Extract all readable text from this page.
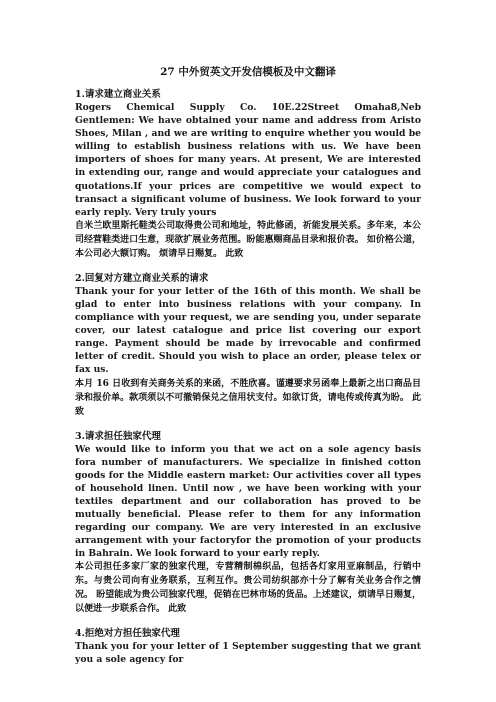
27 中外贸英文开发信模板及中文翻译

1.请求建立商业关系

Rogers Chemical Supply Co. 10E.22Street Omaha8,Neb Gentlemen: We have obtained your name and address from Aristo Shoes, Milan , and we are writing to enquire whether you would be willing to establish business relations with us. We have been importers of shoes for many years. At present, We are interested in extending our, range and would appreciate your catalogues and quotations.If your prices are competitive we would expect to transact a significant volume of business. We look forward to your early reply. Very truly yours

自米兰欧里斯托鞋类公司取得贵公司和地址，特此修函，祈能发展关系。多年来，本公司经营鞋类进口生意，现欲扩展业务范围。盼能惠赐商品目录和报价表。 如价格公道，本公司必大额订购。 烦请早日赐复。 此致

2.回复对方建立商业关系的请求

Thank your for your letter of the 16th of this month. We shall be glad to enter into business relations with your company. In compliance with your request, we are sending you, under separate cover, our latest catalogue and price list covering our export range. Payment should be made by irrevocable and confirmed letter of credit. Should you wish to place an order, please telex or fax us.

本月 16 日收到有关商务关系的来函，不胜欣喜。谨遵要求另函奉上最新之出口商品目录和报价单。款项须以不可撤销保兑之信用状支付。如欲订货，请电传或传真为盼。 此致

3.请求担任独家代理

We would like to inform you that we act on a sole agency basis fora number of manufacturers. We specialize in finished cotton goods for the Middle eastern market: Our activities cover all types of household linen. Until now , we have been working with your textiles department and our collaboration has proved to be mutually beneficial. Please refer to them for any information regarding our company. We are very interested in an exclusive arrangement with your factoryfor the promotion of your products in Bahrain. We look forward to your early reply.

本公司担任多家厂家的独家代理，专营精制棉织品，包括各灯家用亚麻制品，行销中东。与贵公司向有业务联系，互利互作。贵公司纺织部亦十分了解有关业务合作之情况。 盼望能成为贵公司独家代理，促销在巴林市场的货品。上述建议，烦请早日赐复，以便进一步联系合作。 此致

4.拒绝对方担任独家代理

Thank you for your letter of 1 September suggesting that we grant you a sole agency for
